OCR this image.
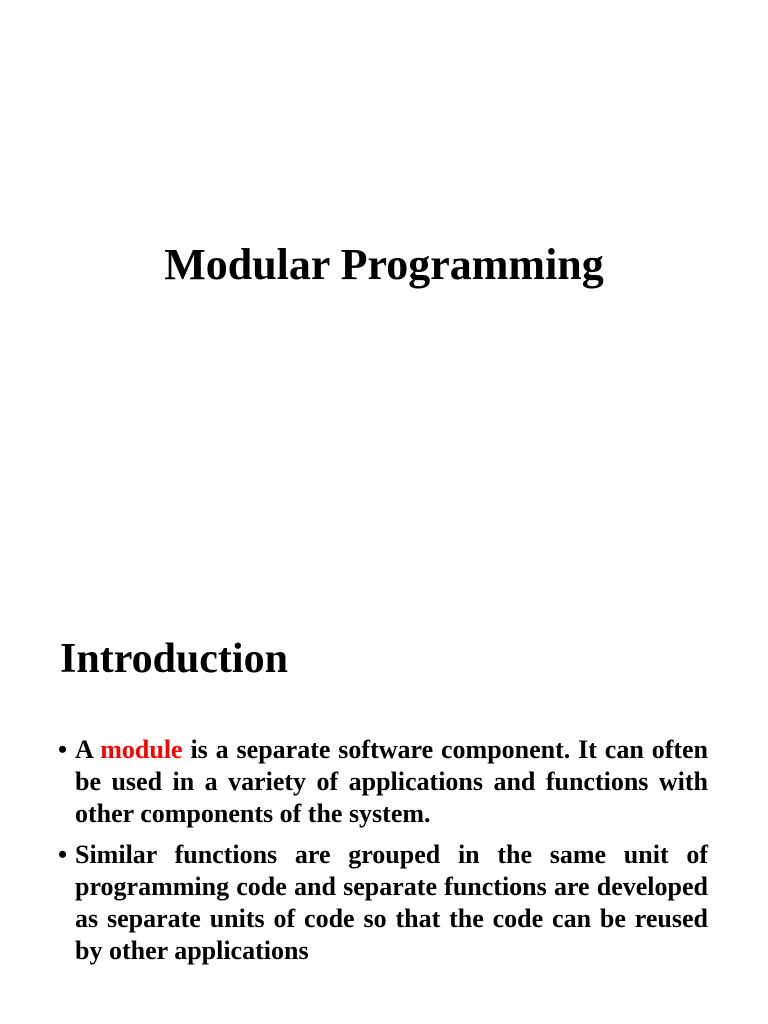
Modular Programming
Introduction
• A module is a separate software component. It can often be used in a variety of applications and functions with other components of the system.
• Similar functions are grouped in the same unit of programming code and separate functions are developed as separate units of code so that the code can be reused by other applications
